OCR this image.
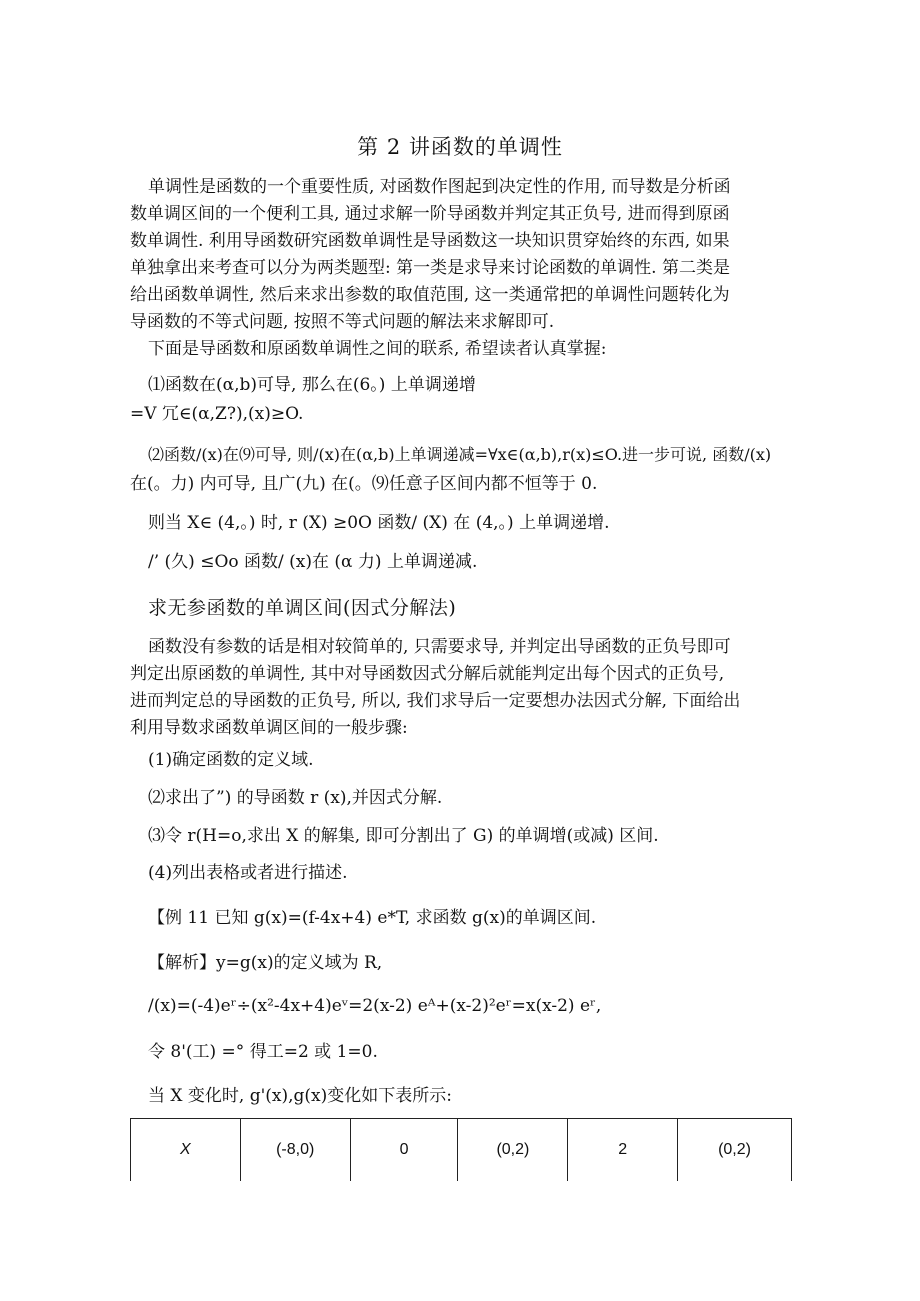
第 2 讲函数的单调性
单调性是函数的一个重要性质, 对函数作图起到决定性的作用, 而导数是分析函
数单调区间的一个便利工具, 通过求解一阶导函数并判定其正负号, 进而得到原函
数单调性. 利用导函数研究函数单调性是导函数这一块知识贯穿始终的东西, 如果
单独拿出来考查可以分为两类题型: 第一类是求导来讨论函数的单调性. 第二类是
给出函数单调性, 然后来求出参数的取值范围, 这一类通常把的单调性问题转化为
导函数的不等式问题, 按照不等式问题的解法来求解即可.
下面是导函数和原函数单调性之间的联系, 希望读者认真掌握:
⑴函数在(α,b)可导, 那么在(6。) 上单调递增
=V 冗∈(α,Z?),(x)≥O.
⑵函数/(x)在⑼可导, 则/(x)在(α,b)上单调递减=∀x∈(α,b),r(x)≤O.进一步可说, 函数/(x)
在(。力) 内可导, 且广(九) 在(。⑼任意子区间内都不恒等于 0.
则当 X∈ (4,。) 时, r (X) ≥0O 函数/ (X) 在 (4,。) 上单调递增.
/’ (久) ≤Oo 函数/ (x)在 (α 力) 上单调递减.
求无参函数的单调区间(因式分解法)
函数没有参数的话是相对较简单的, 只需要求导, 并判定出导函数的正负号即可
判定出原函数的单调性, 其中对导函数因式分解后就能判定出每个因式的正负号,
进而判定总的导函数的正负号, 所以, 我们求导后一定要想办法因式分解, 下面给出
利用导数求函数单调区间的一般步骤:
(1)确定函数的定义域.
⑵求出了”) 的导函数 r (x),并因式分解.
⑶令 r(H=o,求出 X 的解集, 即可分割出了 G) 的单调增(或减) 区间.
(4)列出表格或者进行描述.
【例 11 已知 g(x)=(f-4x+4) e*T, 求函数 g(x)的单调区间.
【解析】y=g(x)的定义域为 R,
/(x)=(-4)eʳ÷(x²-4x+4)eᵛ=2(x-2) eᴬ+(x-2)²eʳ=x(x-2) eʳ,
令 8'(工) =° 得工=2 或 1=0.
当 X 变化时, g'(x),g(x)变化如下表所示:
X	(-8,0)	0	(0,2)	2	(0,2)
